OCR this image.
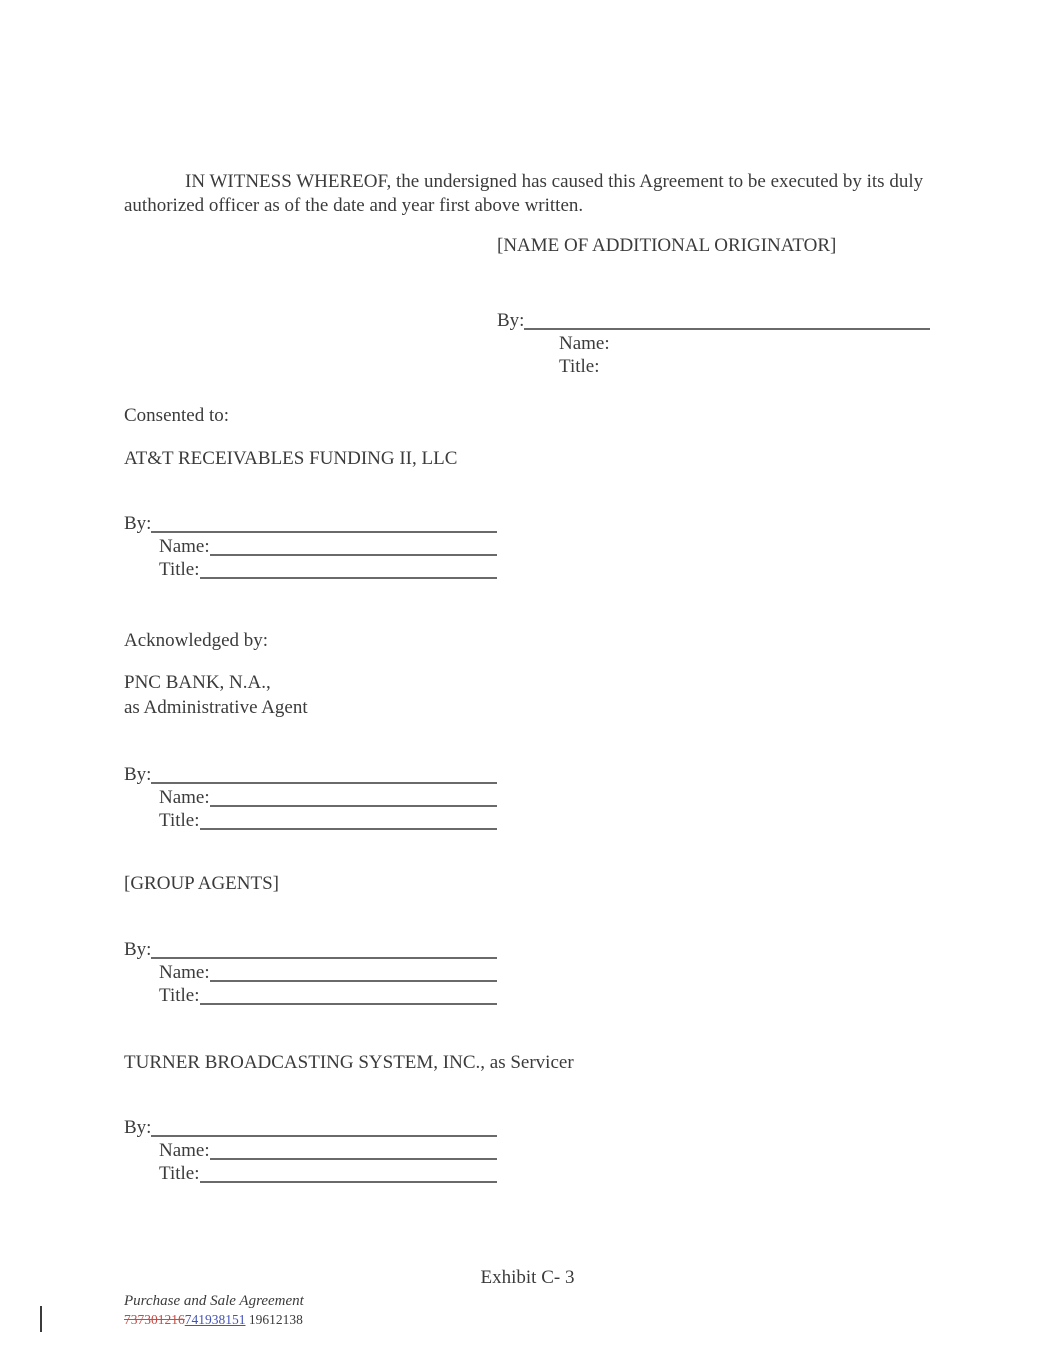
IN WITNESS WHEREOF, the undersigned has caused this Agreement to be executed by its duly authorized officer as of the date and year first above written.

[NAME OF ADDITIONAL ORIGINATOR]
By:
Name:
Title:
Consented to:
AT&T RECEIVABLES FUNDING II, LLC
By:
Name:
Title:
Acknowledged by:
PNC BANK, N.A.,
as Administrative Agent
By:
Name:
Title:
[GROUP AGENTS]
By:
Name:
Title:
TURNER BROADCASTING SYSTEM, INC., as Servicer
By:
Name:
Title:
Exhibit C- 3
Purchase and Sale Agreement
737301216741938151 19612138
